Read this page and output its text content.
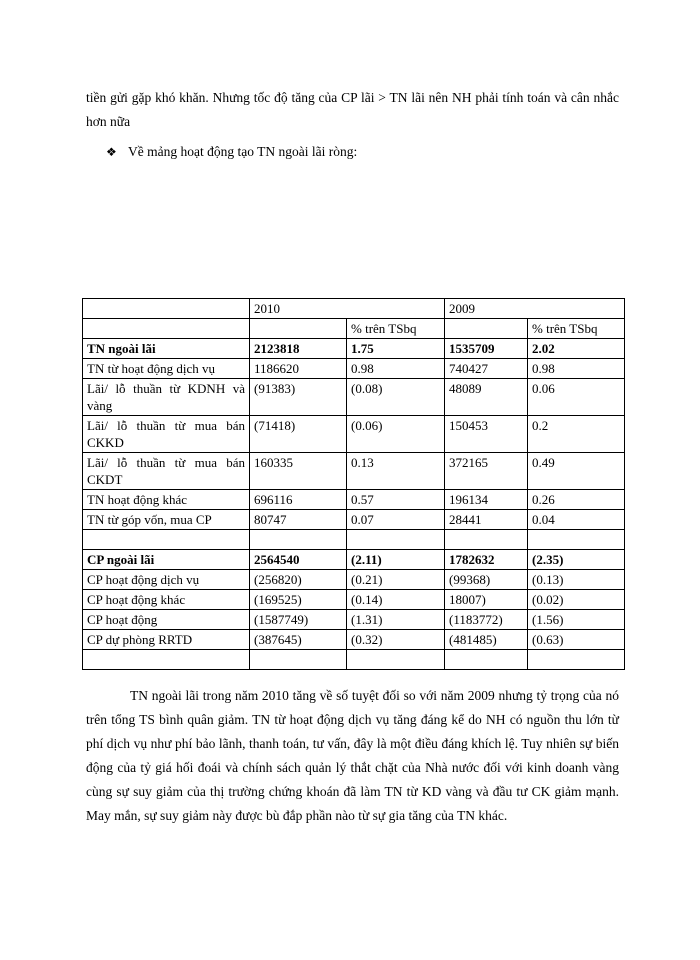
tiền gửi gặp khó khăn. Nhưng tốc độ tăng của CP lãi > TN lãi nên NH phải tính toán và cân nhắc hơn nữa

❖ Về mảng hoạt động tạo TN ngoài lãi ròng:
	2010		2009	
		% trên TSbq		% trên TSbq
TN ngoài lãi	2123818	1.75	1535709	2.02
TN từ hoạt động dịch vụ	1186620	0.98	740427	0.98
Lãi/ lỗ thuần từ KDNH và vàng	(91383)	(0.08)	48089	0.06
Lãi/ lỗ thuần từ mua bán CKKD	(71418)	(0.06)	150453	0.2
Lãi/ lỗ thuần từ mua bán CKDT	160335	0.13	372165	0.49
TN hoạt động khác	696116	0.57	196134	0.26
TN từ góp vốn, mua CP	80747	0.07	28441	0.04

CP ngoài lãi	2564540	(2.11)	1782632	(2.35)
CP hoạt động dịch vụ	(256820)	(0.21)	(99368)	(0.13)
CP hoạt động khác	(169525)	(0.14)	18007)	(0.02)
CP hoạt động	(1587749)	(1.31)	(1183772)	(1.56)
CP dự phòng RRTD	(387645)	(0.32)	(481485)	(0.63)

TN ngoài lãi trong năm 2010 tăng về số tuyệt đối so với năm 2009 nhưng tỷ trọng của nó trên tổng TS bình quân giảm. TN từ hoạt động dịch vụ tăng đáng kể do NH có nguồn thu lớn từ phí dịch vụ như phí bảo lãnh, thanh toán, tư vấn, đây là một điều đáng khích lệ. Tuy nhiên sự biến động của tỷ giá hối đoái và chính sách quản lý thắt chặt của Nhà nước đối với kinh doanh vàng cùng sự suy giảm của thị trường chứng khoán đã làm TN từ KD vàng và đầu tư CK giảm mạnh. May mắn, sự suy giảm này được bù đắp phần nào từ sự gia tăng của TN khác.
